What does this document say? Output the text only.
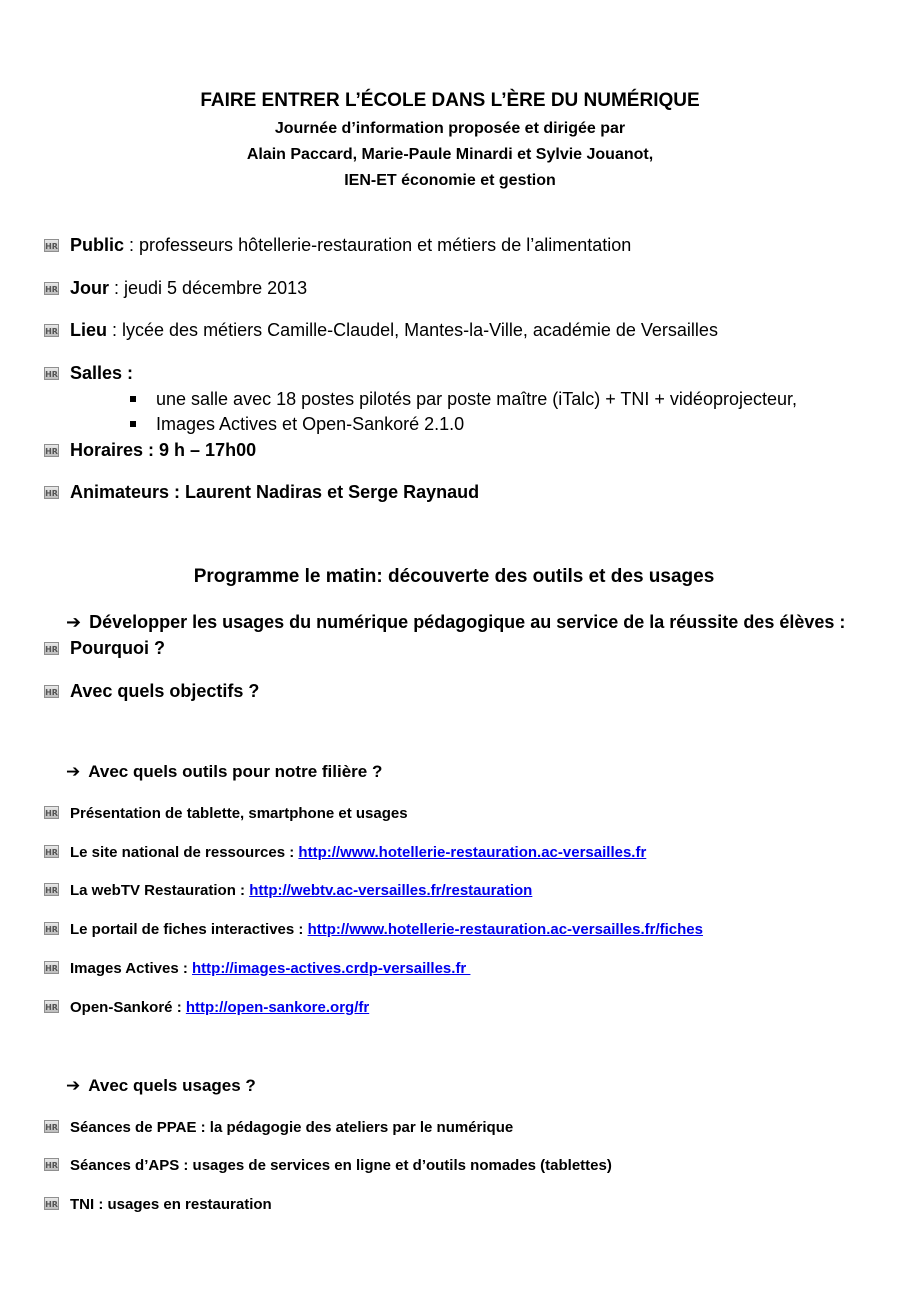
FAIRE ENTRER L’ÉCOLE DANS L’ÈRE DU NUMÉRIQUE
Journée d’information proposée et dirigée par
Alain Paccard, Marie-Paule Minardi et Sylvie Jouanot,
IEN-ET économie et gestion
HR Public : professeurs hôtellerie-restauration et métiers de l’alimentation
HR Jour : jeudi 5 décembre 2013
HR Lieu : lycée des métiers Camille-Claudel, Mantes-la-Ville, académie de Versailles
HR Salles :
une salle avec 18 postes pilotés par poste maître (iTalc) + TNI + vidéoprojecteur,
Images Actives et Open-Sankoré 2.1.0
HR Horaires : 9 h – 17h00
HR Animateurs : Laurent Nadiras et Serge Raynaud
Programme le matin: découverte des outils et des usages
➔ Développer les usages du numérique pédagogique au service de la réussite des élèves :
HR Pourquoi ?
HR Avec quels objectifs ?
➔ Avec quels outils pour notre filière ?
HR Présentation de tablette, smartphone et usages
HR Le site national de ressources : http://www.hotellerie-restauration.ac-versailles.fr
HR La webTV Restauration : http://webtv.ac-versailles.fr/restauration
HR Le portail de fiches interactives : http://www.hotellerie-restauration.ac-versailles.fr/fiches
HR Images Actives : http://images-actives.crdp-versailles.fr
HR Open-Sankoré : http://open-sankore.org/fr
➔ Avec quels usages ?
HR Séances de PPAE : la pédagogie des ateliers par le numérique
HR Séances d’APS : usages de services en ligne et d’outils nomades (tablettes)
HR TNI : usages en restauration
